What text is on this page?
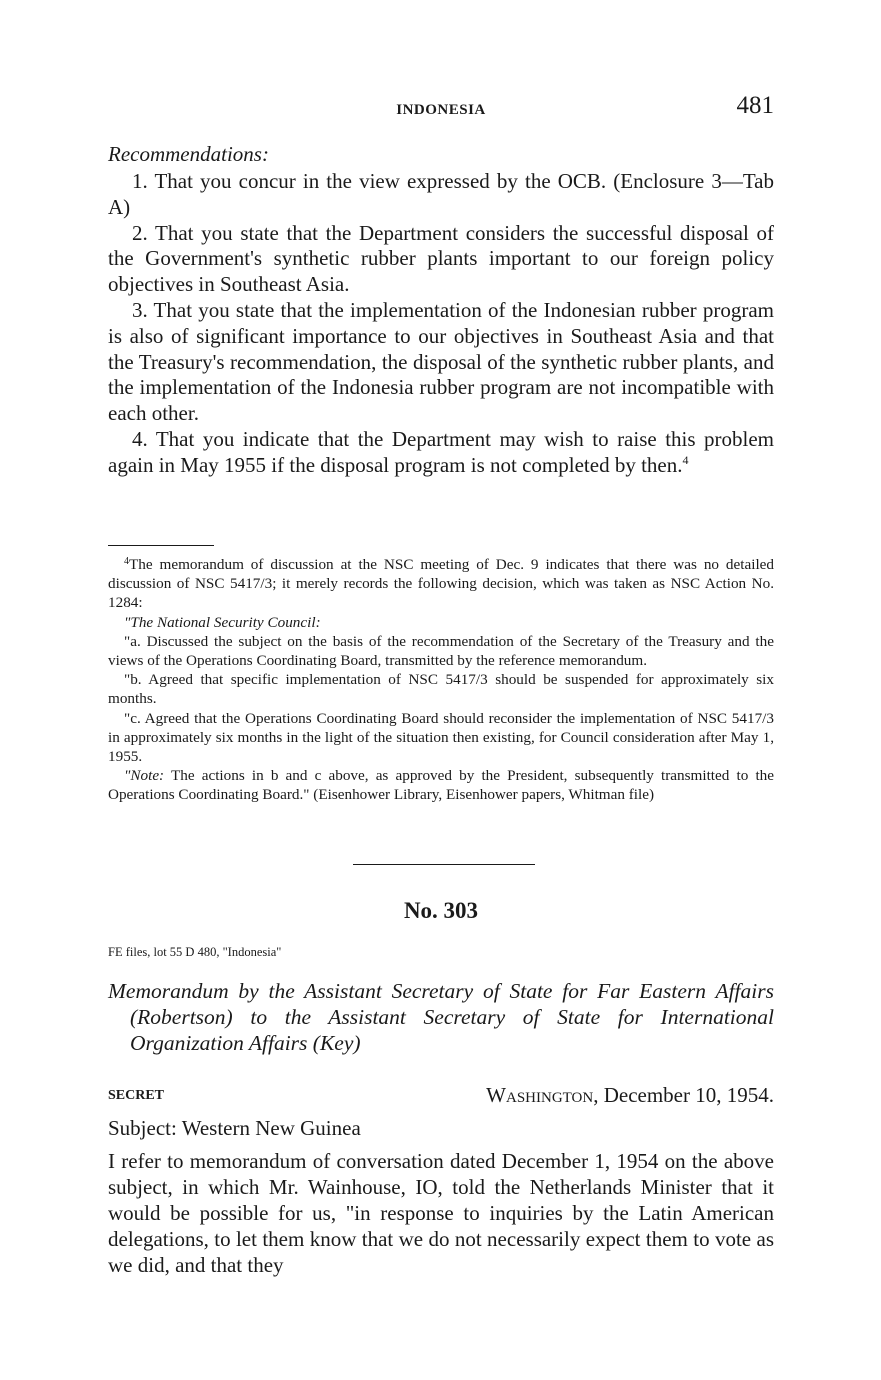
INDONESIA	481
Recommendations:

1. That you concur in the view expressed by the OCB. (Enclosure 3—Tab A)

2. That you state that the Department considers the successful disposal of the Government's synthetic rubber plants important to our foreign policy objectives in Southeast Asia.

3. That you state that the implementation of the Indonesian rubber program is also of significant importance to our objectives in Southeast Asia and that the Treasury's recommendation, the disposal of the synthetic rubber plants, and the implementation of the Indonesia rubber program are not incompatible with each other.

4. That you indicate that the Department may wish to raise this problem again in May 1955 if the disposal program is not completed by then.$^4$

$^4$The memorandum of discussion at the NSC meeting of Dec. 9 indicates that there was no detailed discussion of NSC 5417/3; it merely records the following decision, which was taken as NSC Action No. 1284:

"The National Security Council:

"a. Discussed the subject on the basis of the recommendation of the Secretary of the Treasury and the views of the Operations Coordinating Board, transmitted by the reference memorandum.

"b. Agreed that specific implementation of NSC 5417/3 should be suspended for approximately six months.

"c. Agreed that the Operations Coordinating Board should reconsider the implementation of NSC 5417/3 in approximately six months in the light of the situation then existing, for Council consideration after May 1, 1955.

"Note: The actions in b and c above, as approved by the President, subsequently transmitted to the Operations Coordinating Board." (Eisenhower Library, Eisenhower papers, Whitman file)

No. 303
FE files, lot 55 D 480, "Indonesia"
Memorandum by the Assistant Secretary of State for Far Eastern Affairs (Robertson) to the Assistant Secretary of State for International Organization Affairs (Key)
SECRET	Washington, December 10, 1954.
Subject: Western New Guinea
I refer to memorandum of conversation dated December 1, 1954 on the above subject, in which Mr. Wainhouse, IO, told the Netherlands Minister that it would be possible for us, "in response to inquiries by the Latin American delegations, to let them know that we do not necessarily expect them to vote as we did, and that they
